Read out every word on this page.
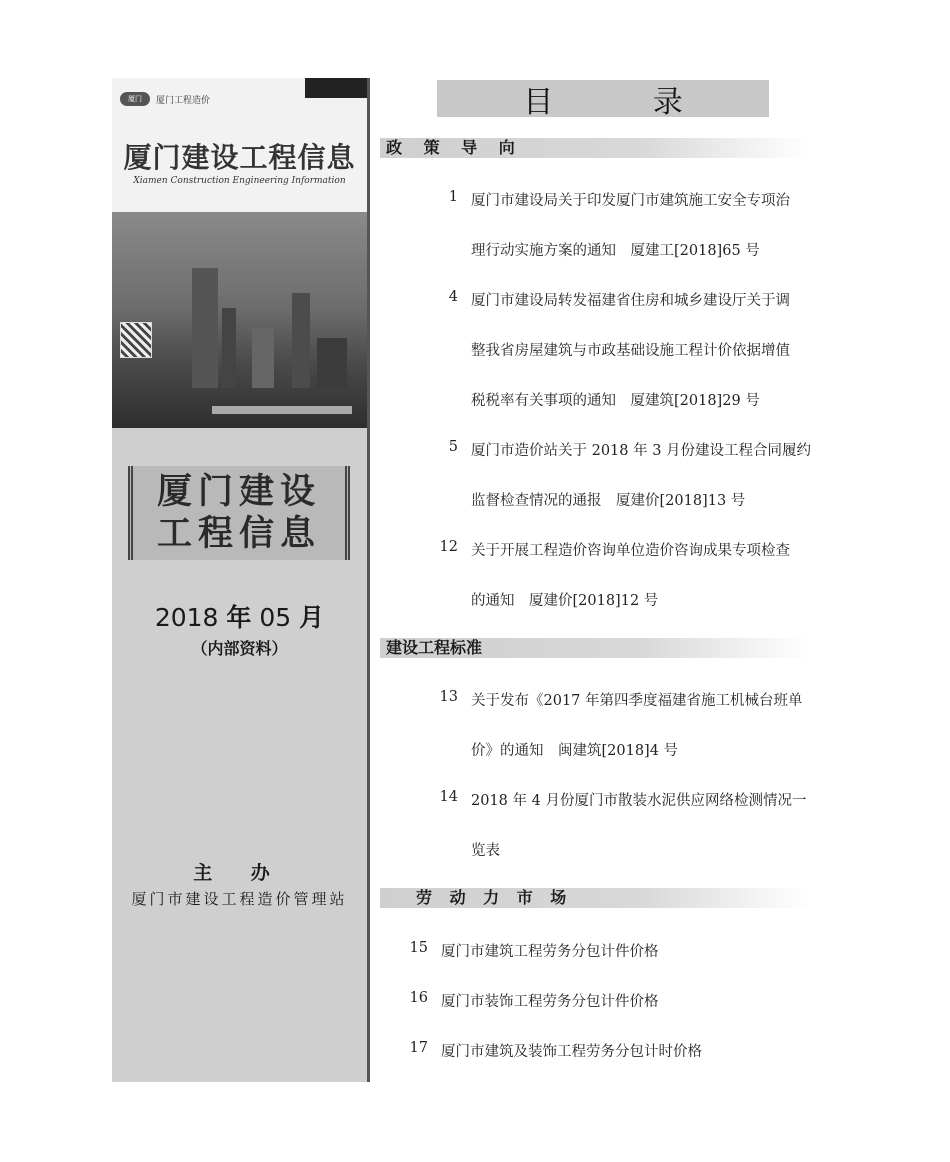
厦门	厦门工程造价
厦门建设工程信息
Xiamen Construction Engineering Information
厦门建设
工程信息
2018 年 05 月
（内部资料）
主 办
厦门市建设工程造价管理站
目 录
政 策 导 向
建设工程标准
劳 动 力 市 场
1 厦门市建设局关于印发厦门市建筑施工安全专项治
理行动实施方案的通知　厦建工[2018]65 号
4 厦门市建设局转发福建省住房和城乡建设厅关于调
整我省房屋建筑与市政基础设施工程计价依据增值
税税率有关事项的通知　厦建筑[2018]29 号
5 厦门市造价站关于 2018 年 3 月份建设工程合同履约
监督检查情况的通报　厦建价[2018]13 号
12 关于开展工程造价咨询单位造价咨询成果专项检查
的通知　厦建价[2018]12 号
13 关于发布《2017 年第四季度福建省施工机械台班单
价》的通知　闽建筑[2018]4 号
14 2018 年 4 月份厦门市散装水泥供应网络检测情况一
览表
15 厦门市建筑工程劳务分包计件价格
16 厦门市装饰工程劳务分包计件价格
17 厦门市建筑及装饰工程劳务分包计时价格
